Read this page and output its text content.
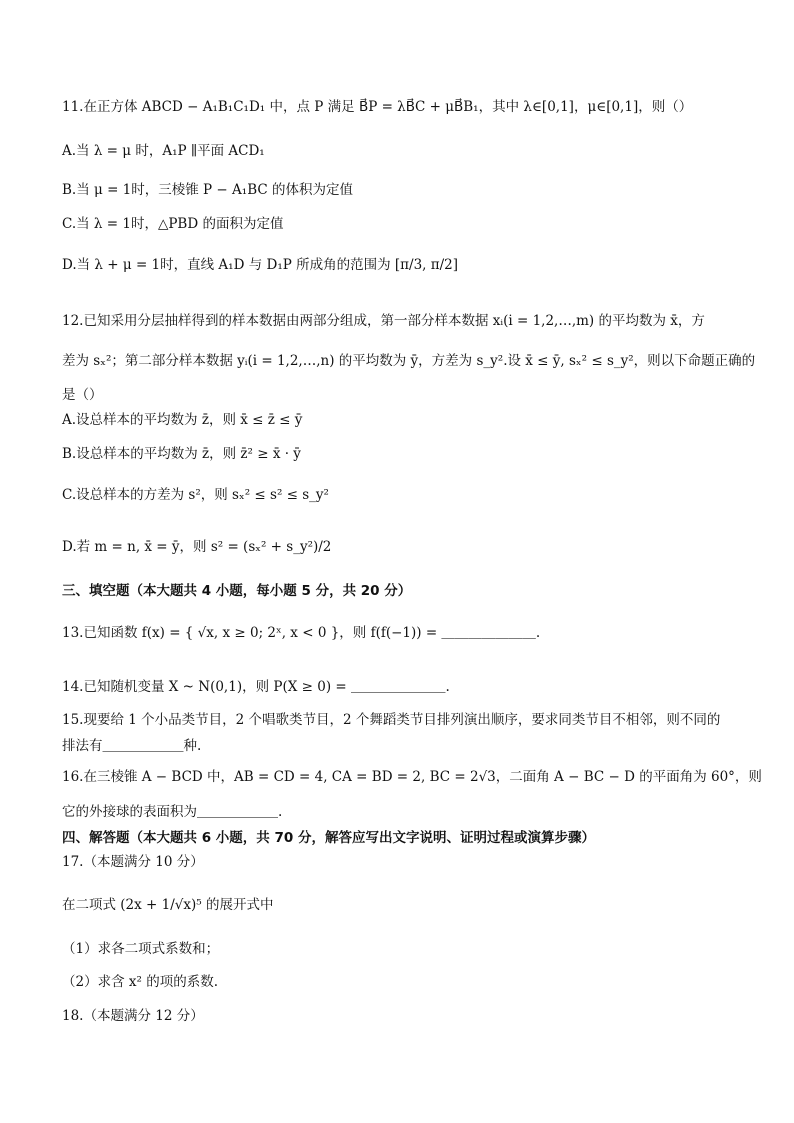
11.在正方体 ABCD − A₁B₁C₁D₁ 中，点 P 满足 B⃗P = λB⃗C + μB⃗B₁，其中 λ∈[0,1]，μ∈[0,1]，则（）
A.当 λ = μ 时，A₁P ∥平面 ACD₁
B.当 μ = 1时，三棱锥 P − A₁BC 的体积为定值
C.当 λ = 1时，△PBD 的面积为定值
D.当 λ + μ = 1时，直线 A₁D 与 D₁P 所成角的范围为 [π/3, π/2]
12.已知采用分层抽样得到的样本数据由两部分组成，第一部分样本数据 xᵢ(i = 1,2,…,m) 的平均数为 x̄，方
差为 sₓ²；第二部分样本数据 yᵢ(i = 1,2,…,n) 的平均数为 ȳ，方差为 s_y².设 x̄ ≤ ȳ, sₓ² ≤ s_y²，则以下命题正确的
是（）
A.设总样本的平均数为 z̄，则 x̄ ≤ z̄ ≤ ȳ
B.设总样本的平均数为 z̄，则 z̄² ≥ x̄ · ȳ
C.设总样本的方差为 s²，则 sₓ² ≤ s² ≤ s_y²
D.若 m = n, x̄ = ȳ，则 s² = (sₓ² + s_y²)/2
三、填空题（本大题共 4 小题，每小题 5 分，共 20 分）
13.已知函数 f(x) = { √x, x ≥ 0; 2ˣ, x < 0 }，则 f(f(−1)) = ＿＿＿＿＿＿＿.
14.已知随机变量 X ~ N(0,1)，则 P(X ≥ 0) = ＿＿＿＿＿＿＿.
15.现要给 1 个小品类节目，2 个唱歌类节目，2 个舞蹈类节目排列演出顺序，要求同类节目不相邻，则不同的
排法有＿＿＿＿＿＿种.
16.在三棱锥 A − BCD 中，AB = CD = 4, CA = BD = 2, BC = 2√3，二面角 A − BC − D 的平面角为 60°，则
它的外接球的表面积为＿＿＿＿＿＿.
四、解答题（本大题共 6 小题，共 70 分，解答应写出文字说明、证明过程或演算步骤）
17.（本题满分 10 分）
在二项式 (2x + 1/√x)⁵ 的展开式中
（1）求各二项式系数和；
（2）求含 x² 的项的系数.
18.（本题满分 12 分）
